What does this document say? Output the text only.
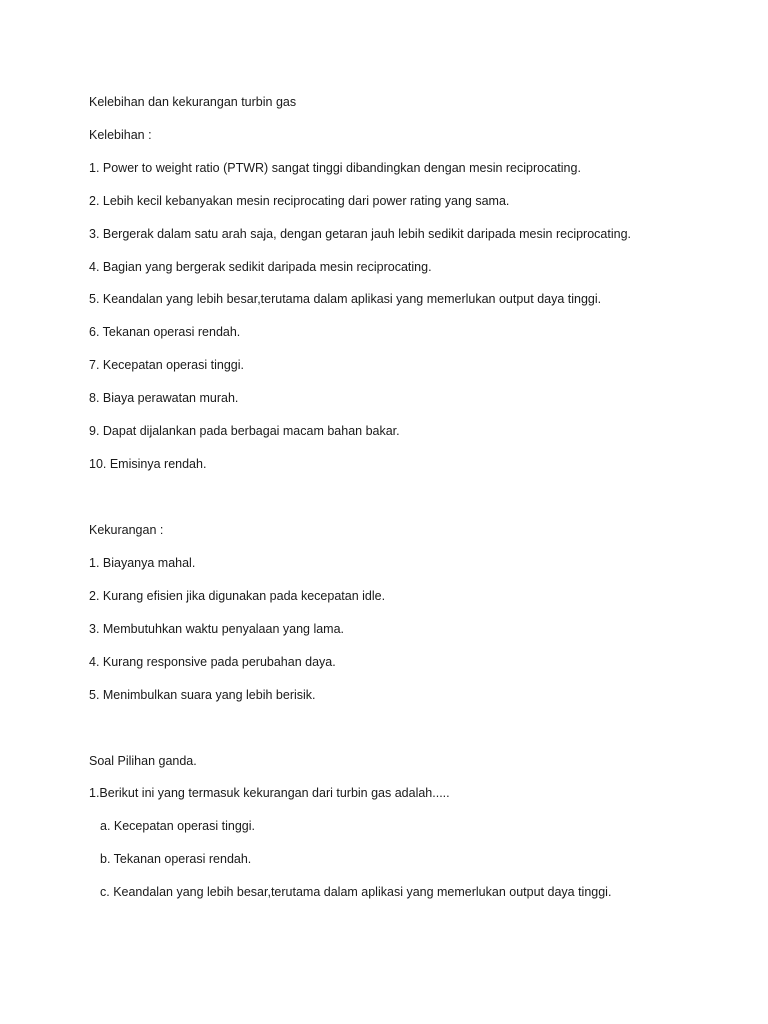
Kelebihan dan kekurangan turbin gas
Kelebihan :
1. Power to weight ratio (PTWR) sangat tinggi dibandingkan dengan mesin reciprocating.
2. Lebih kecil kebanyakan mesin reciprocating dari power rating yang sama.
3. Bergerak dalam satu arah saja, dengan getaran jauh lebih sedikit daripada mesin reciprocating.
4. Bagian yang bergerak sedikit daripada mesin reciprocating.
5. Keandalan yang lebih besar,terutama dalam aplikasi yang memerlukan output daya tinggi.
6. Tekanan operasi rendah.
7. Kecepatan operasi tinggi.
8. Biaya perawatan murah.
9. Dapat dijalankan pada berbagai macam bahan bakar.
10. Emisinya rendah.
Kekurangan :
1. Biayanya mahal.
2. Kurang efisien jika digunakan pada kecepatan idle.
3. Membutuhkan waktu penyalaan yang lama.
4. Kurang responsive pada perubahan daya.
5. Menimbulkan suara yang lebih berisik.
Soal Pilihan ganda.
1.Berikut ini yang termasuk kekurangan dari turbin gas adalah.....
a. Kecepatan operasi tinggi.
b. Tekanan operasi rendah.
c. Keandalan yang lebih besar,terutama dalam aplikasi yang memerlukan output daya tinggi.
